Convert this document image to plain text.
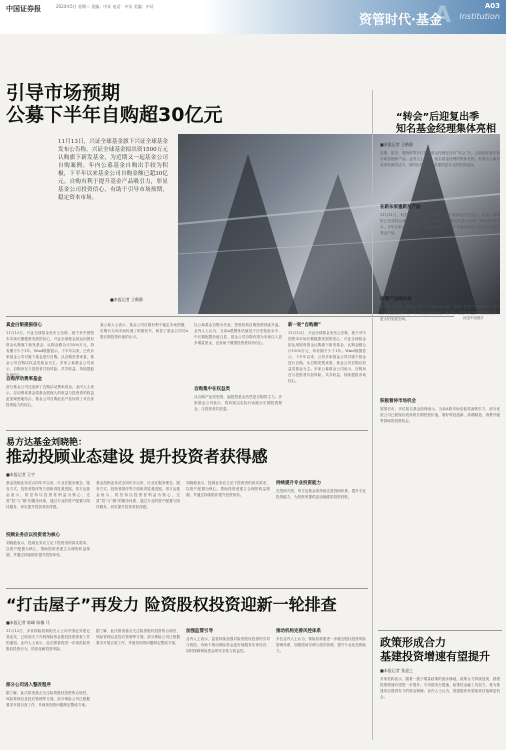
中国证券报	2024年5月 星期二 责编：中证 电话：中证 美编：中证	A
资管时代·基金
A03
Institution
引导市场预期
公募下半年自购超30亿元
11月13日，兴证全球基金旗下兴证全球基金发布公告称，兴证全球基金拟出资1500万元认购旗下新发基金，为近期又一起基金公司自购案例。年内公募基金自购出手较为积极，下半年以来基金公司自购金额已超30亿元。自购有利于提升基金产品吸引力，彰显基金公司投资信心，有助于引导市场预期，稳定资本市场。
■本报记者 王鹤静
视觉中国图片
真金白银提振信心
11月13日，兴证全球基金发布公告称，基于对中国资本市场长期健康发展的信心，兴证全球基金拟运用固有资金认购旗下新发基金，认购金额合计1500万元，持有期不少于1年。Wind数据显示，下半年以来，已有多家基金公司对旗下基金进行自购。从自购类型来看，基金公司自购以权益类基金为主。多家公募基金公司表示，自购旨在与投资者共担风险、共享收益，持续提振市场信心。
自购浮动费率基金
部分基金公司还选择了自购浮动费率基金。业内人士表示，浮动费率基金将基金管理人的收益与投资者的收益更加紧密地结合，基金公司自购此类产品体现了对自身投资能力的信心。
某公募人士表示，基金公司自购有利于稳定市场预期，自购行为向市场传递了积极信号，彰显了基金公司对A股长期投资价值的认可。
以公募基金自购为代表，资管机构自购热情持续升温。业内人士认为，当前A股整体估值处于历史较低水平，中长期配置价值凸显，基金公司自购有望为市场注入更多增量资金，也有助于增强投资者持有信心。
自购集中在权益类
从自购产品类型看，偏股型基金仍然是自购的主力。多家基金公司表示，将持续以实际行动践行长期投资理念，与投资者共进退。
新一轮“自购潮”
11月13日，兴证全球基金发布公告称，基于对中国资本市场长期健康发展的信心，兴证全球基金拟运用固有资金认购旗下新发基金，认购金额合计1500万元，持有期不少于1年。Wind数据显示，下半年以来，已有多家基金公司对旗下基金进行自购。从自购类型来看，基金公司自购以权益类基金为主。多家公募基金公司表示，自购旨在与投资者共担风险、共享收益，持续提振市场信心。
易方达基金刘晓艳：
推动投顾业态建设 提升投资者获得感
■本报记者 王宇
基金投顾业务试点四年多以来，行业在服务理念、服务方式、投资者陪伴等方面取得显著进展。易方达基金表示，将坚持以投资者利益为核心，完善“投”与“顾”的服务体系，通过专业的资产配置与陪伴服务，切实提升投资者获得感。
投顾业务应以投资者为核心
刘晓艳表示，投顾业务应立足于投资者的真实需求，以资产配置为核心，帮助投资者建立合理的收益预期，并通过持续陪伴提升投资体验。
基金投顾业务试点四年多以来，行业在服务理念、服务方式、投资者陪伴等方面取得显著进展。易方达基金表示，将坚持以投资者利益为核心，完善“投”与“顾”的服务体系，通过专业的资产配置与陪伴服务，切实提升投资者获得感。
刘晓艳表示，投顾业务应立足于投资者的真实需求，以资产配置为核心，帮助投资者建立合理的收益预期，并通过持续陪伴提升投资体验。
持续提升专业投资能力
在投研方面，易方达基金将持续完善投研体系，提升专业投资能力，为投资者提供更加稳健的投资回报。
“打击屋子”再发力 险资股权投资迎新一轮排查
■本报记者 陈峰 陈楠 马
11月12日，多家保险机构相关人士向中国证券报记者证实，已收到关于开展保险资金股权投资排查工作的通知。业内人士表示，此次排查将进一步规范险资股权投资行为，防范化解投资风险。
部分公司进入整改程序
据了解，此次排查重点关注险资股权投资的合规性、风险管理以及投后管理等方面。部分保险公司已根据要求开展自查工作，并就发现的问题制定整改方案。
据了解，此次排查重点关注险资股权投资的合规性、风险管理以及投后管理等方面。部分保险公司已根据要求开展自查工作，并就发现的问题制定整改方案。
加强监管引导
业内人士表示，监管持续加强对险资股权投资的引导与规范，有助于推动保险资金更好地服务实体经济，同时保障保险资金的安全性与收益性。
推动机构完善风控体系
多位业内人士认为，保险机构需进一步健全股权投资风险管理体系，加强投前尽调与投后管理，提升专业化投资能力。
“转会”后迎复出季
知名基金经理集体亮相
■本报记者 王鹤静
近期，崔莹、周海栋等多位知名基金经理在经历“转会”后，已陆续在新东家开始管理新产品。业内人士表示，知名基金经理的集体亮相，有望为公募行业带来新的活力，同时也将为投资者提供更多元的投资选择。
在新东家重新发产品
11月11日，知名基金经理周海栋管理的首只新基金正式发行。此前，周海栋已完成转会流程，目前在新东家担任多只基金的基金经理。Wind数据显示，今年以来已有多位知名基金经理完成“转会”并陆续在新公司发行或接管基金产品。
加强产品线布局
业内人士表示，基金公司引入知名基金经理，有助于完善产品线布局，提升主动权益投资实力。对于基金经理而言，新平台可能带来更多的资源支持与更大的发展空间。
积极看待市场机会
展望后市，多位知名基金经理表示，当前A股市场估值具备吸引力，部分优质公司已展现出较高的长期投资价值，看好科技创新、高端制造、消费升级等领域的投资机会。
政策形成合力
基建投资增速有望提升
■本报记者 张凌之
多家机构表示，随着一揽子增量政策的逐步落地，政策合力持续显现，基建投资增速有望进一步提升。专项债发行提速、政策性金融工具加力，将为基建项目提供有力的资金保障。业内人士认为，基建板块有望迎来估值修复机会。
